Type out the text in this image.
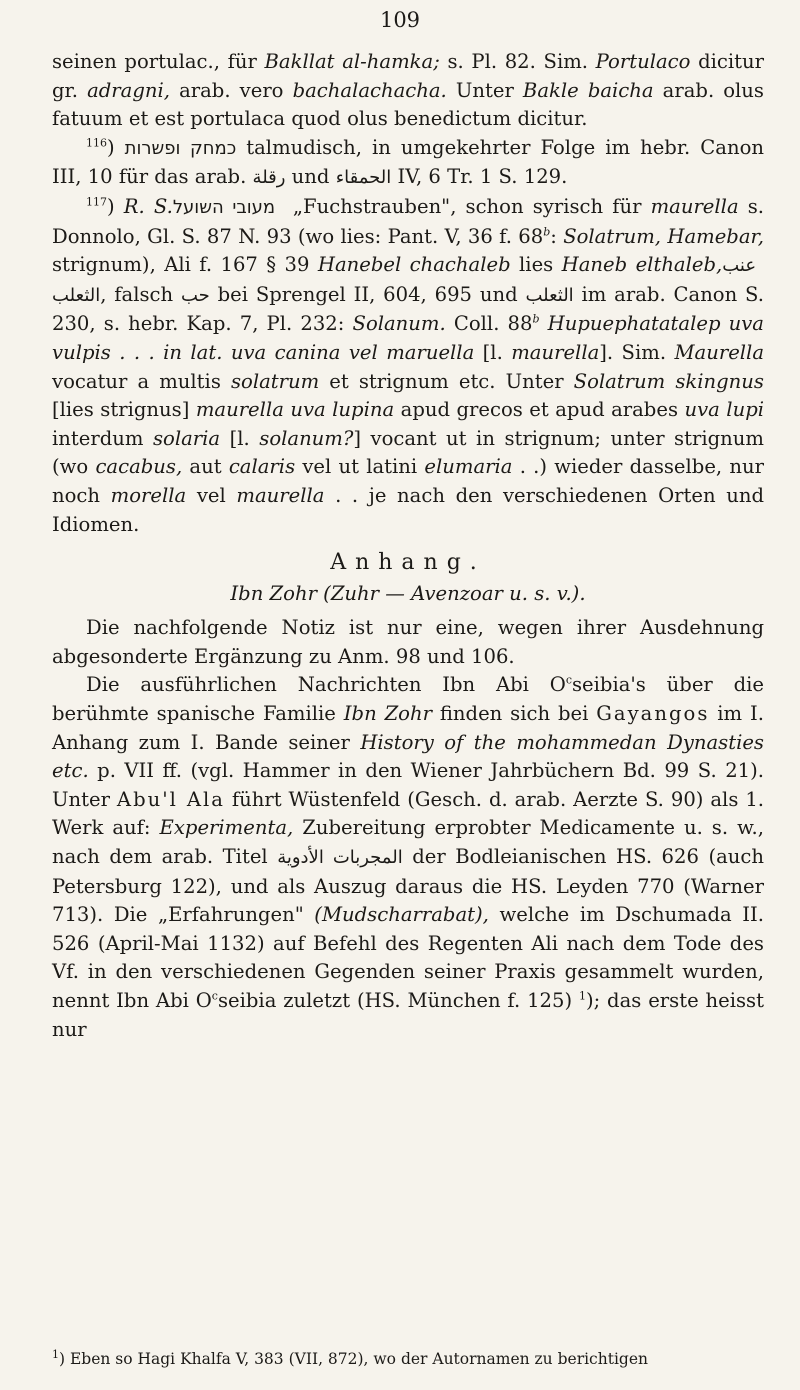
109

seinen portulac., für Bakllat al-hamka; s. Pl. 82. Sim. Portulaco dicitur gr. adragni, arab. vero bachalachacha. Unter Bakle baicha arab. olus fatuum et est portulaca quod olus benedictum dicitur.

$^{116}$) כמחק ופשרות talmudisch, in umgekehrter Folge im hebr. Canon III, 10 für das arab. رقلة und الحمقاء IV, 6 Tr. 1 S. 129.

$^{117}$) R. S. מעובי השועל „Fuchstrauben", schon syrisch für maurella s. Donnolo, Gl. S. 87 N. 93 (wo lies: Pant. V, 36 f. 68$^b$: Solatrum, Hamebar, strignum), Ali f. 167 § 39 Hanebel chachaleb lies Haneb elthaleb, عنب الثعلب, falsch حب bei Sprengel II, 604, 695 und الثعلب im arab. Canon S. 230, s. hebr. Kap. 7, Pl. 232: Solanum. Coll. 88$^b$ Hupuephatatalep uva vulpis . . . in lat. uva canina vel maruella [l. maurella]. Sim. Maurella vocatur a multis solatrum et strignum etc. Unter Solatrum skingnus [lies strignus] maurella uva lupina apud grecos et apud arabes uva lupi interdum solaria [l. solanum?] vocant ut in strignum; unter strignum (wo cacabus, aut calaris vel ut latini elumaria . .) wieder dasselbe, nur noch morella vel maurella . . je nach den verschiedenen Orten und Idiomen.

Anhang.

Ibn Zohr (Zuhr — Avenzoar u. s. v.).

Die nachfolgende Notiz ist nur eine, wegen ihrer Ausdehnung abgesonderte Ergänzung zu Anm. 98 und 106.

Die ausführlichen Nachrichten Ibn Abi $O^cseibia's$ über die berühmte spanische Familie Ibn Zohr finden sich bei Gayangos im I. Anhang zum I. Bande seiner History of the mohammedan Dynasties etc. p. VII ff. (vgl. Hammer in den Wiener Jahrbüchern Bd. 99 S. 21). Unter Abu'l Ala führt Wüstenfeld (Gesch. d. arab. Aerzte S. 90) als 1. Werk auf: Experimenta, Zubereitung erprobter Medicamente u. s. w., nach dem arab. Titel المجربات الأدوية der Bodleianischen HS. 626 (auch Petersburg 122), und als Auszug daraus die HS. Leyden 770 (Warner 713). Die „Erfahrungen" (Mudscharrabat), welche im Dschumada II. 526 (April-Mai 1132) auf Befehl des Regenten Ali nach dem Tode des Vf. in den verschiedenen Gegenden seiner Praxis gesammelt wurden, nennt Ibn Abi $O^cseibia$ zuletzt (HS. München f. 125) $^1$); das erste heisst nur

$^1$) Eben so Hagi Khalfa V, 383 (VII, 872), wo der Autornamen zu berichtigen
